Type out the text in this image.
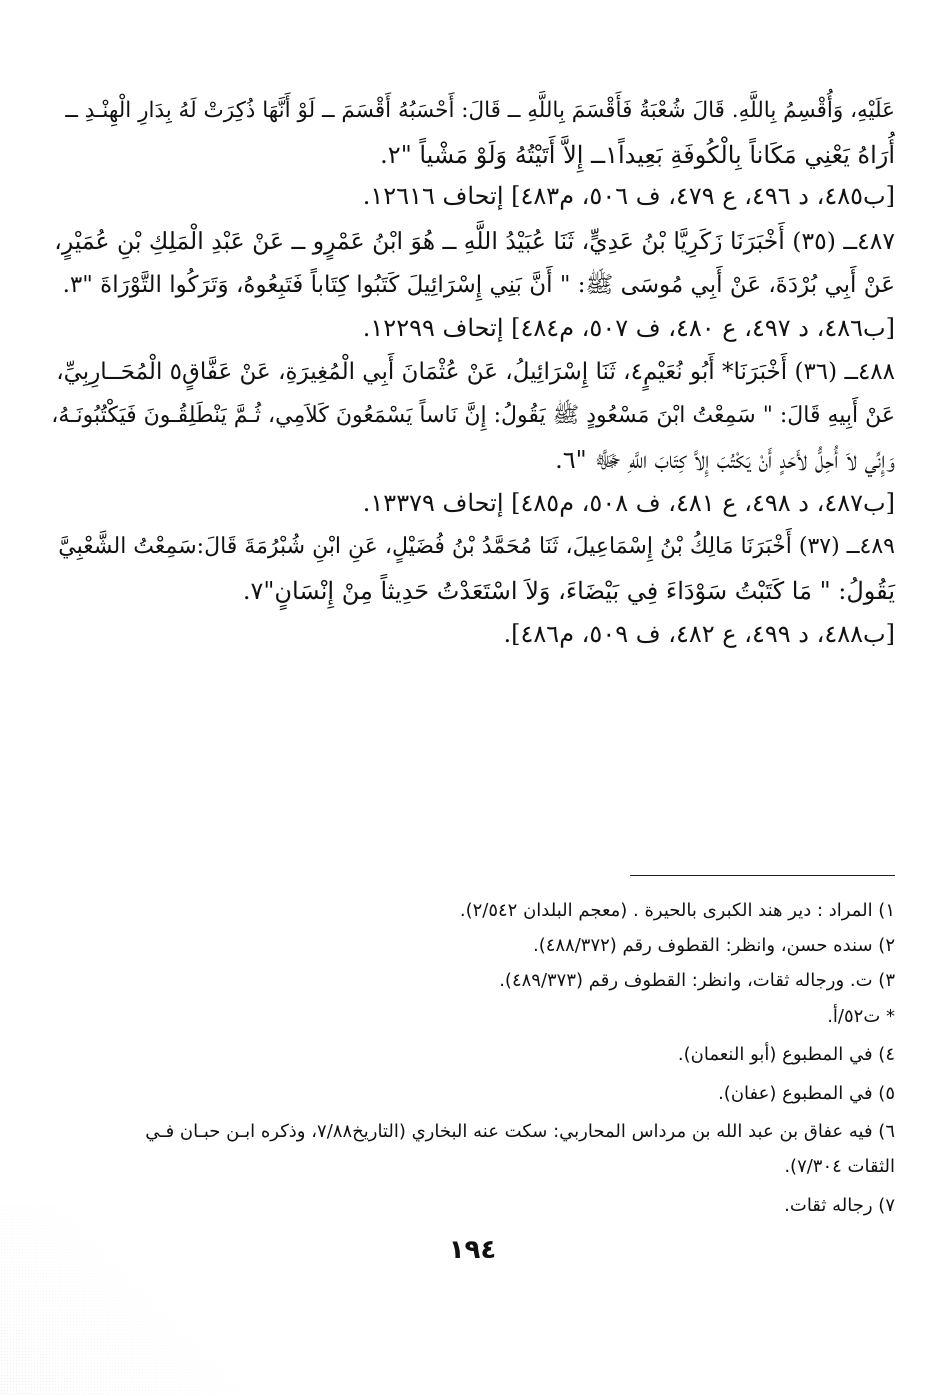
عَلَيْهِ، وَأُقْسِمُ بِاللَّهِ. قَالَ شُعْبَةُ فَأَقْسَمَ بِاللَّهِ ــ قَالَ: أَحْسَبُهُ أَقْسَمَ ــ لَوْ أَنَّهَا ذُكِرَتْ لَهُ بِدَارِ الْهِنْـدِ ــ
أُرَاهُ يَعْنِي مَكَاناً بِالْكُوفَةِ بَعِيداً١ــ إِلاَّ أَتَيْتُهُ وَلَوْ مَشْياً "٢.
[ب٤٨٥، د ٤٩٦، ع ٤٧٩، ف ٥٠٦، م٤٨٣] إتحاف ١٢٦١٦.
٤٨٧ــ (٣٥) أَخْبَرَنَا زَكَرِيَّا بْنُ عَدِيٍّ، ثَنَا عُبَيْدُ اللَّهِ ــ هُوَ ابْنُ عَمْرٍو ــ عَنْ عَبْدِ الْمَلِكِ بْنِ عُمَيْرٍ،
عَنْ أَبِي بُرْدَةَ، عَنْ أَبِي مُوسَى ﷺ: " أَنَّ بَنِي إِسْرَائِيلَ كَتَبُوا كِتَاباً فَتَبِعُوهُ، وَتَرَكُوا التَّوْرَاةَ "٣.
[ب٤٨٦، د ٤٩٧، ع ٤٨٠، ف ٥٠٧، م٤٨٤] إتحاف ١٢٢٩٩.
٤٨٨ــ (٣٦) أَخْبَرَنَا* أَبُو نُعَيْمٍ٤، ثَنَا إِسْرَائِيلُ، عَنْ عُثْمَانَ أَبِي الْمُغِيرَةِ، عَنْ عَفَّاقٍ٥ الْمُحَــارِبِيِّ،
عَنْ أَبِيهِ قَالَ: " سَمِعْتُ ابْنَ مَسْعُودٍ ﷺ يَقُولُ: إِنَّ نَاساً يَسْمَعُونَ كَلاَمِي، ثُـمَّ يَنْطَلِقُـونَ فَيَكْتُبُونَـهُ،
وَإِنِّي لاَ أُحِلُّ لأَحَدٍ أَنْ يَكْتُبَ إِلاَّ كِتَابَ اللَّهِ ﷻ "٦.
[ب٤٨٧، د ٤٩٨، ع ٤٨١، ف ٥٠٨، م٤٨٥] إتحاف ١٣٣٧٩.
٤٨٩ــ (٣٧) أَخْبَرَنَا مَالِكُ بْنُ إِسْمَاعِيلَ، ثَنَا مُحَمَّدُ بْنُ فُضَيْلٍ، عَنِ ابْنِ شُبْرُمَةَ قَالَ:سَمِعْتُ الشَّعْبِيَّ
يَقُولُ: " مَا كَتَبْتُ سَوْدَاءَ فِي بَيْضَاءَ، وَلاَ اسْتَعَدْتُ حَدِيثاً مِنْ إِنْسَانٍ"٧.
[ب٤٨٨، د ٤٩٩، ع ٤٨٢، ف ٥٠٩، م٤٨٦].
١) المراد : دير هند الكبرى بالحيرة . (معجم البلدان ٢/٥٤٢).
٢) سنده حسن، وانظر: القطوف رقم (٤٨٨/٣٧٢).
٣) ت. ورجاله ثقات، وانظر: القطوف رقم (٤٨٩/٣٧٣).
* ت٥٢/أ.
٤) في المطبوع (أبو النعمان).
٥) في المطبوع (عفان).
٦) فيه عفاق بن عبد الله بن مرداس المحاربي: سكت عنه البخاري (التاريخ٧/٨٨، وذكره ابـن حبـان فـي
الثقات ٧/٣٠٤).
٧) رجاله ثقات.
١٩٤
